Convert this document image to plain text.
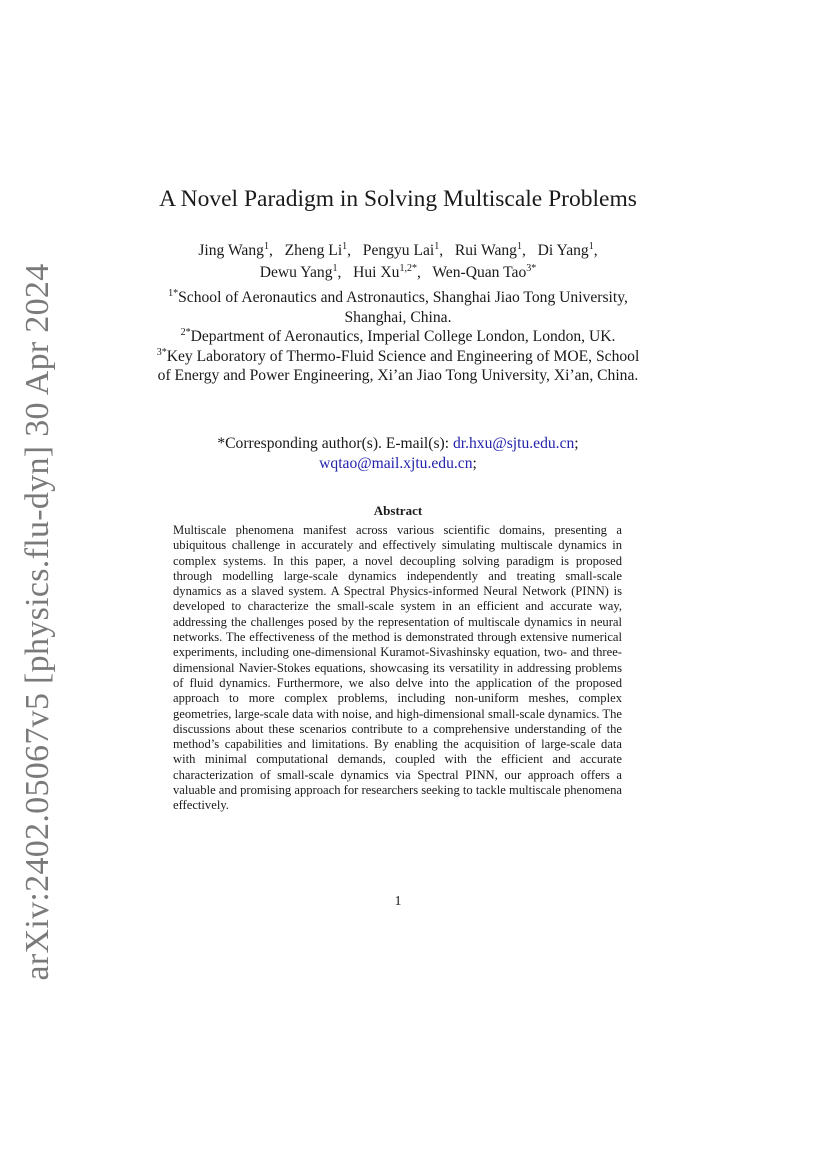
arXiv:2402.05067v5 [physics.flu-dyn] 30 Apr 2024
A Novel Paradigm in Solving Multiscale Problems
Jing Wang$^1$,   Zheng Li$^1$,   Pengyu Lai$^1$,   Rui Wang$^1$,   Di Yang$^1$,
Dewu Yang$^1$,   Hui $Xu^{1,2*}$,   Wen-Quan Tao$^{3*}$
$^{1*}$School of Aeronautics and Astronautics, Shanghai Jiao Tong University, Shanghai, China.
$^{2*}$Department of Aeronautics, Imperial College London, London, UK.
$^{3*}$Key Laboratory of Thermo-Fluid Science and Engineering of MOE, School of Energy and Power Engineering, Xi’an Jiao Tong University, Xi’an, China.
*Corresponding author(s). E-mail(s): dr.hxu@sjtu.edu.cn;
wqtao@mail.xjtu.edu.cn;
Abstract

Multiscale phenomena manifest across various scientific domains, presenting a ubiquitous challenge in accurately and effectively simulating multiscale dynamics in complex systems. In this paper, a novel decoupling solving paradigm is proposed through modelling large-scale dynamics independently and treating small-scale dynamics as a slaved system. A Spectral Physics-informed Neural Network (PINN) is developed to characterize the small-scale system in an efficient and accurate way, addressing the challenges posed by the representation of multiscale dynamics in neural networks. The effectiveness of the method is demonstrated through extensive numerical experiments, including one-dimensional Kuramot-Sivashinsky equation, two- and three-dimensional Navier-Stokes equations, showcasing its versatility in addressing problems of fluid dynamics. Furthermore, we also delve into the application of the proposed approach to more complex problems, including non-uniform meshes, complex geometries, large-scale data with noise, and high-dimensional small-scale dynamics. The discussions about these scenarios contribute to a comprehensive understanding of the method’s capabilities and limitations. By enabling the acquisition of large-scale data with minimal computational demands, coupled with the efficient and accurate characterization of small-scale dynamics via Spectral PINN, our approach offers a valuable and promising approach for researchers seeking to tackle multiscale phenomena effectively.

1
